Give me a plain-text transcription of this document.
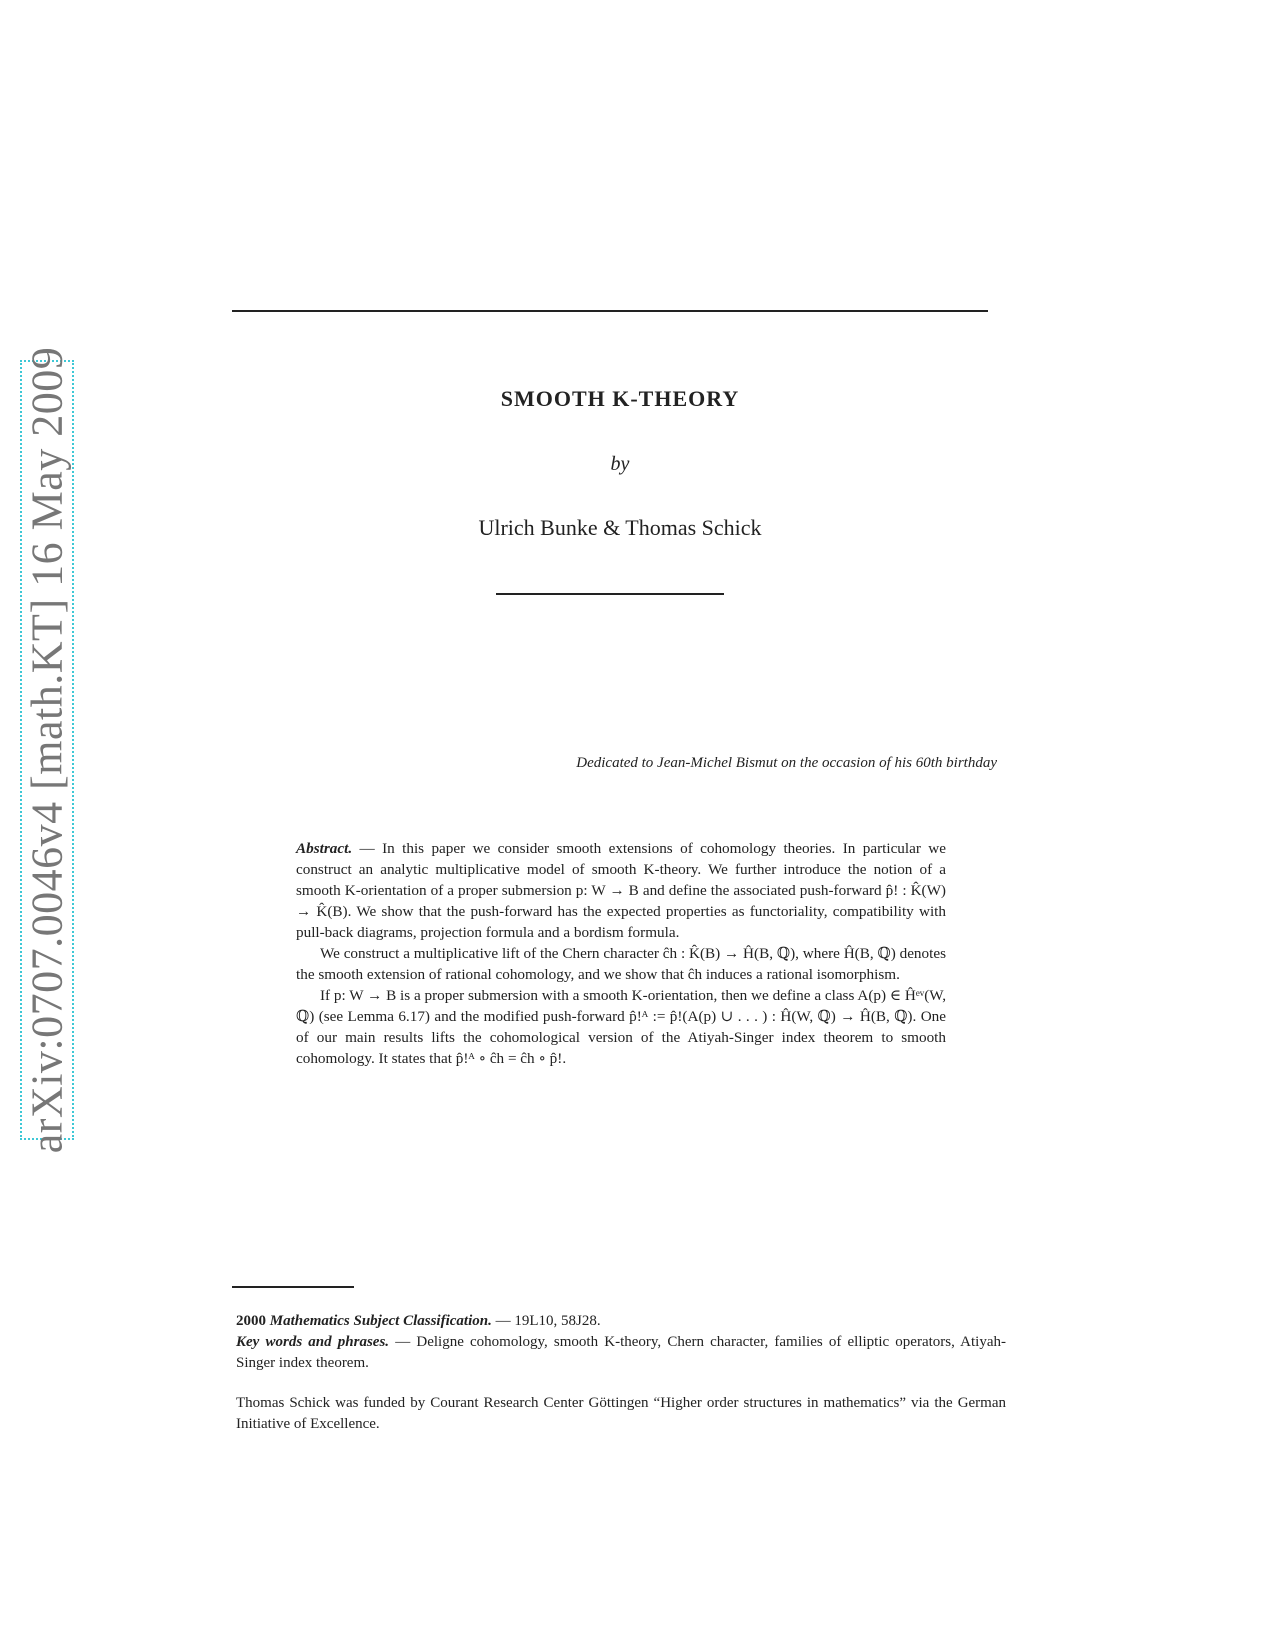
arXiv:0707.0046v4 [math.KT] 16 May 2009	SMOOTH K-THEORY
by
Ulrich Bunke & Thomas Schick
Dedicated to Jean-Michel Bismut on the occasion of his 60th birthday

Abstract. — In this paper we consider smooth extensions of cohomology theories. In particular we construct an analytic multiplicative model of smooth K-theory. We further introduce the notion of a smooth K-orientation of a proper submersion p: W → B and define the associated push-forward p̂! : K̂(W) → K̂(B). We show that the push-forward has the expected properties as functoriality, compatibility with pull-back diagrams, projection formula and a bordism formula.

We construct a multiplicative lift of the Chern character ĉh : K̂(B) → Ĥ(B, ℚ), where Ĥ(B, ℚ) denotes the smooth extension of rational cohomology, and we show that ĉh induces a rational isomorphism.

If p: W → B is a proper submersion with a smooth K-orientation, then we define a class A(p) ∈ Ĥᵉᵛ(W, ℚ) (see Lemma 6.17) and the modified push-forward p̂!ᴬ := p̂!(A(p) ∪ . . . ) : Ĥ(W, ℚ) → Ĥ(B, ℚ). One of our main results lifts the cohomological version of the Atiyah-Singer index theorem to smooth cohomology. It states that p̂!ᴬ ∘ ĉh = ĉh ∘ p̂!.

2000 Mathematics Subject Classification. — 19L10, 58J28.

Key words and phrases. — Deligne cohomology, smooth K-theory, Chern character, families of elliptic operators, Atiyah-Singer index theorem.

Thomas Schick was funded by Courant Research Center Göttingen “Higher order structures in mathematics” via the German Initiative of Excellence.
